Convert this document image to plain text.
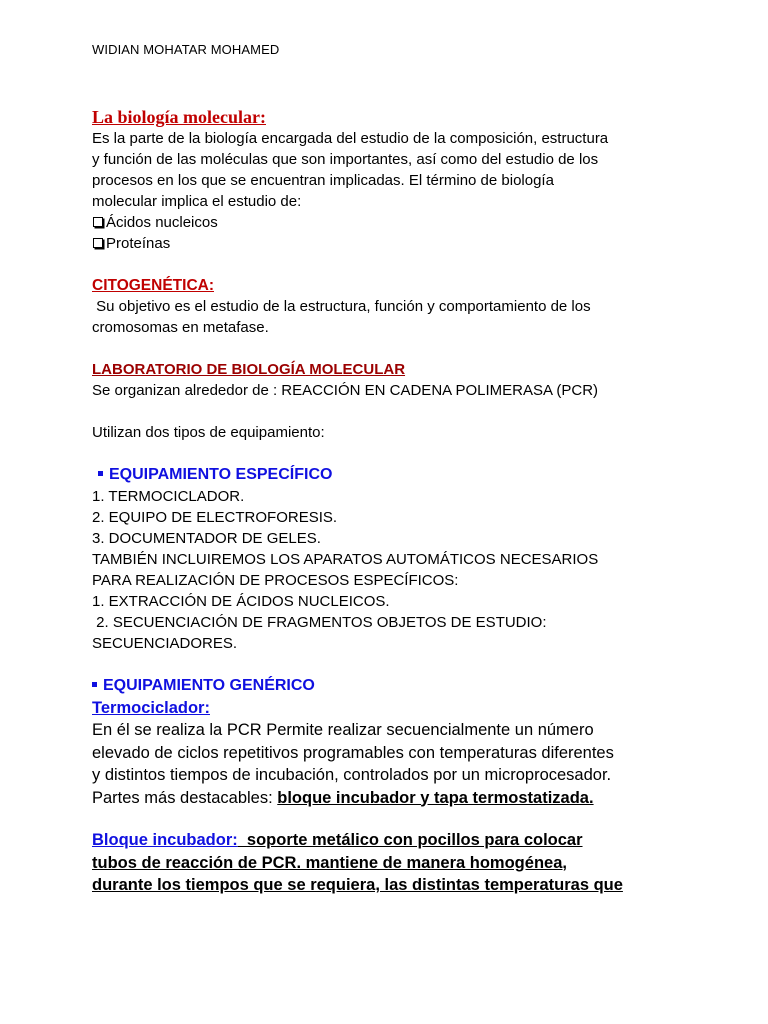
WIDIAN MOHATAR MOHAMED
La biología molecular:
Es la parte de la biología encargada del estudio de la composición, estructura
y función de las moléculas que son importantes, así como del estudio de los
procesos en los que se encuentran implicadas. El término de biología
molecular implica el estudio de:
Ácidos nucleicos
Proteínas
CITOGENÉTICA:
Su objetivo es el estudio de la estructura, función y comportamiento de los
cromosomas en metafase.
LABORATORIO DE BIOLOGÍA MOLECULAR
Se organizan alrededor de : REACCIÓN EN CADENA POLIMERASA (PCR)
Utilizan dos tipos de equipamiento:
EQUIPAMIENTO ESPECÍFICO
1. TERMOCICLADOR.
2. EQUIPO DE ELECTROFORESIS.
3. DOCUMENTADOR DE GELES.
TAMBIÉN INCLUIREMOS LOS APARATOS AUTOMÁTICOS NECESARIOS
PARA REALIZACIÓN DE PROCESOS ESPECÍFICOS:
1. EXTRACCIÓN DE ÁCIDOS NUCLEICOS.
2. SECUENCIACIÓN DE FRAGMENTOS OBJETOS DE ESTUDIO:
SECUENCIADORES.
EQUIPAMIENTO GENÉRICO
Termociclador:
En él se realiza la PCR Permite realizar secuencialmente un número
elevado de ciclos repetitivos programables con temperaturas diferentes
y distintos tiempos de incubación, controlados por un microprocesador.
Partes más destacables: bloque incubador y tapa termostatizada.
Bloque incubador:  soporte metálico con pocillos para colocar
tubos de reacción de PCR. mantiene de manera homogénea,
durante los tiempos que se requiera, las distintas temperaturas que
